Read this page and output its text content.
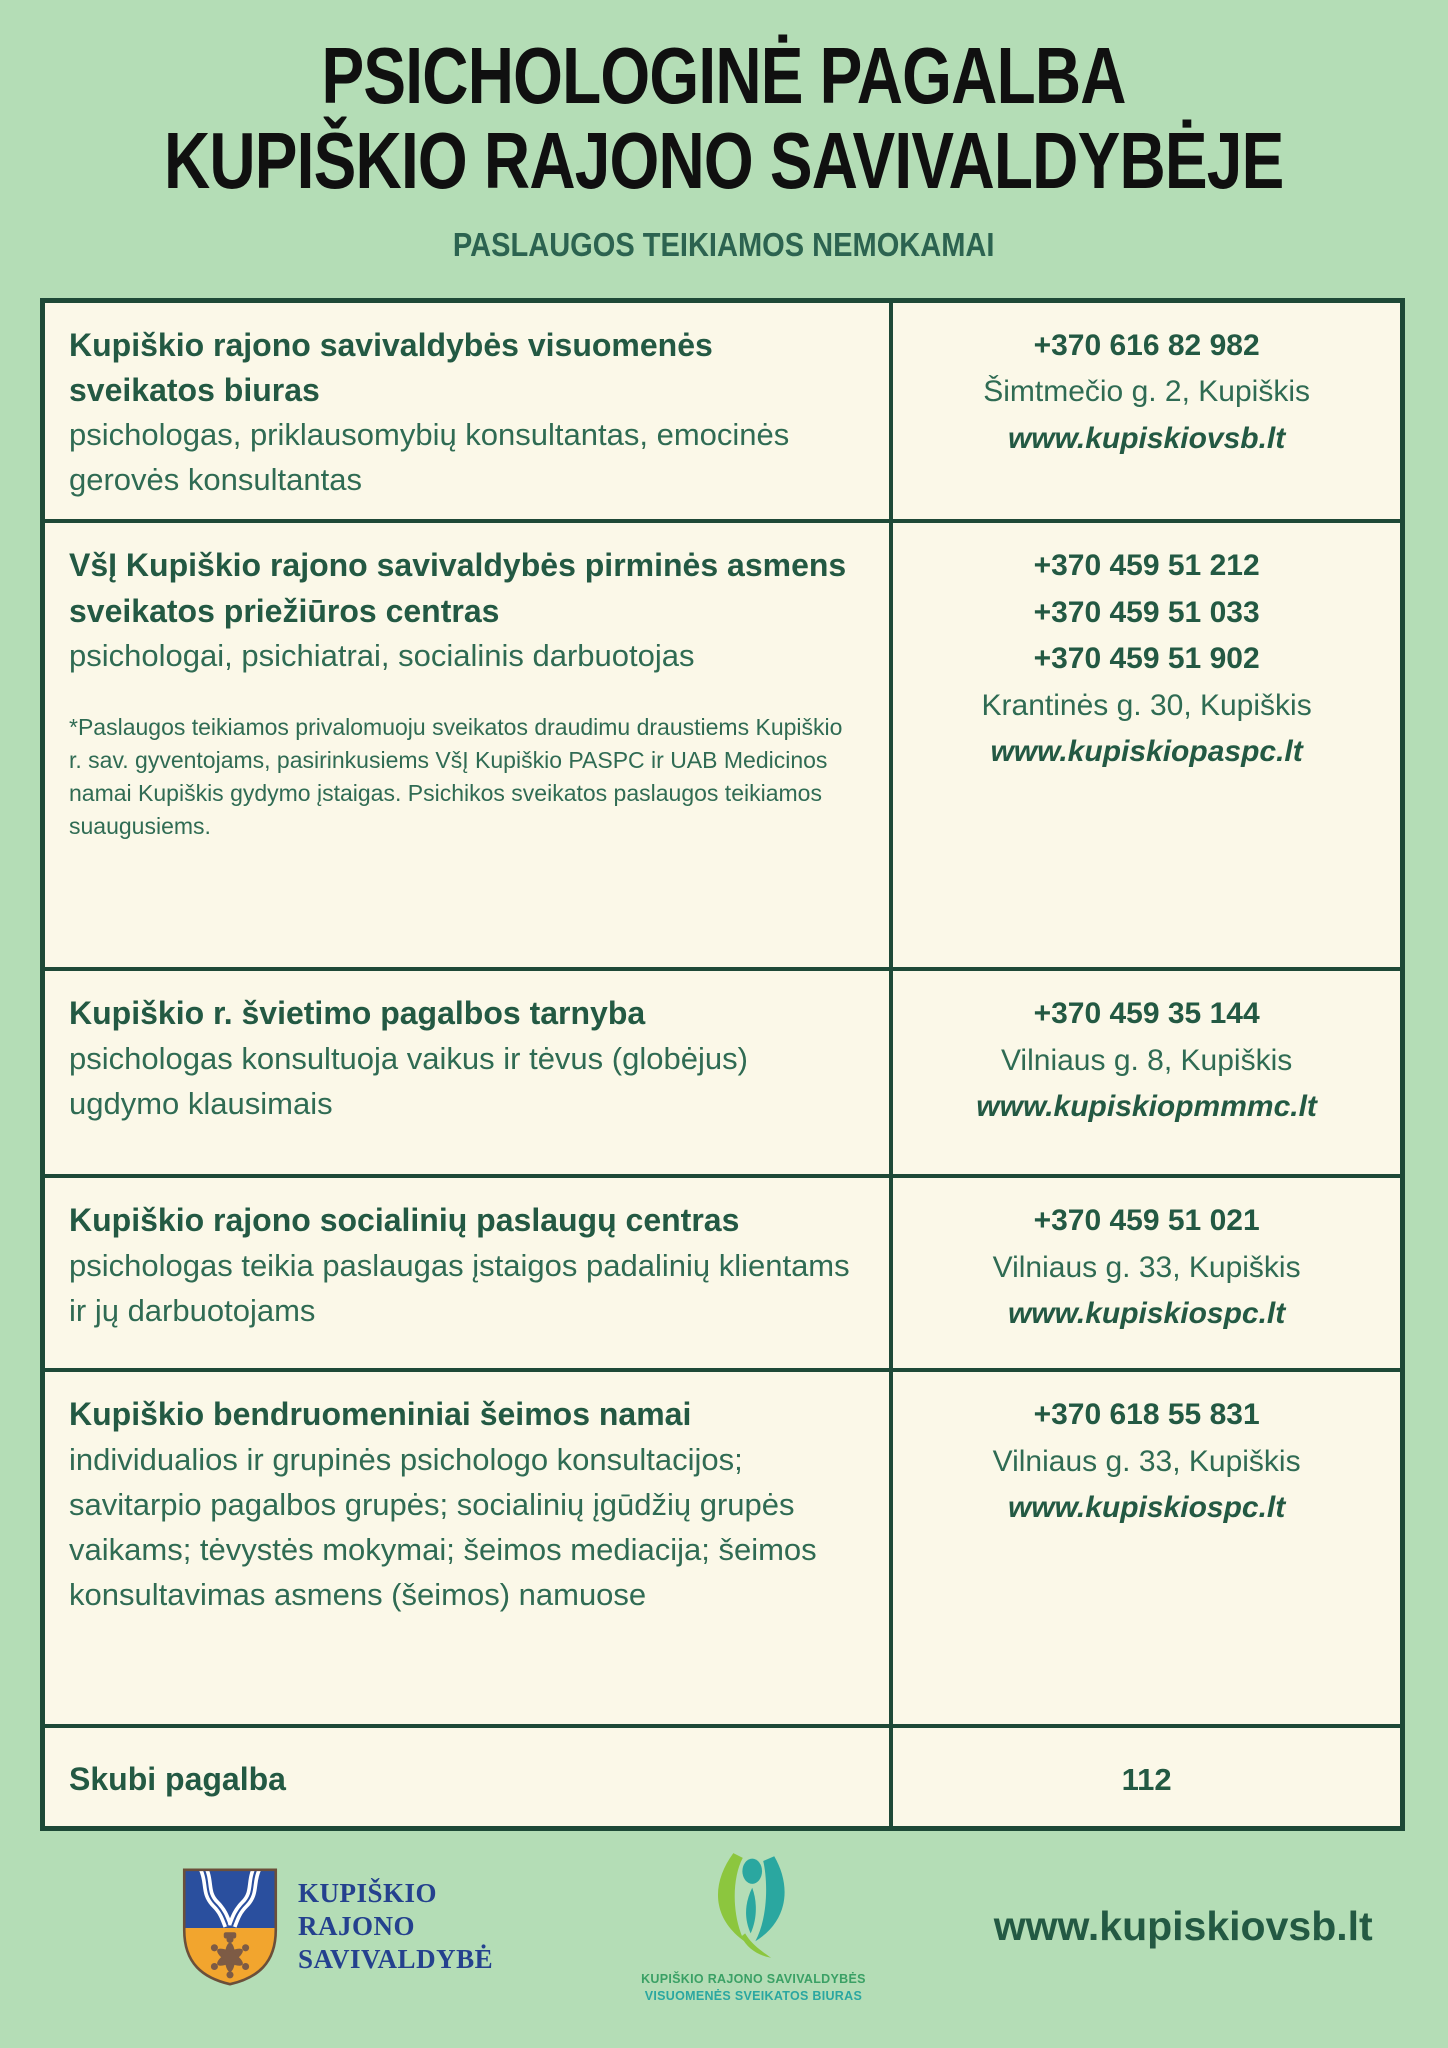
PSICHOLOGINĖ PAGALBA
KUPIŠKIO RAJONO SAVIVALDYBĖJE
PASLAUGOS TEIKIAMOS NEMOKAMAI
Kupiškio rajono savivaldybės visuomenės sveikatos biuras
psichologas, priklausomybių konsultantas, emocinės gerovės konsultantas
+370 616 82 982
Šimtmečio g. 2, Kupiškis
www.kupiskiovsb.lt
VšĮ Kupiškio rajono savivaldybės pirminės asmens sveikatos priežiūros centras
psichologai, psichiatrai, socialinis darbuotojas
*Paslaugos teikiamos privalomuoju sveikatos draudimu draustiems Kupiškio r. sav. gyventojams, pasirinkusiems VšĮ Kupiškio PASPC ir UAB Medicinos namai Kupiškis gydymo įstaigas. Psichikos sveikatos paslaugos teikiamos suaugusiems.
+370 459 51 212
+370 459 51 033
+370 459 51 902
Krantinės g. 30, Kupiškis
www.kupiskiopaspc.lt
Kupiškio r. švietimo pagalbos tarnyba
psichologas konsultuoja vaikus ir tėvus (globėjus) ugdymo klausimais
+370 459 35 144
Vilniaus g. 8, Kupiškis
www.kupiskiopmmmc.lt
Kupiškio rajono socialinių paslaugų centras
psichologas teikia paslaugas įstaigos padalinių klientams ir jų darbuotojams
+370 459 51 021
Vilniaus g. 33, Kupiškis
www.kupiskiospc.lt
Kupiškio bendruomeniniai šeimos namai
individualios ir grupinės psichologo konsultacijos; savitarpio pagalbos grupės; socialinių įgūdžių grupės vaikams; tėvystės mokymai; šeimos mediacija; šeimos konsultavimas asmens (šeimos) namuose
+370 618 55 831
Vilniaus g. 33, Kupiškis
www.kupiskiospc.lt
Skubi pagalba	112
KUPIŠKIO
RAJONO
SAVIVALDYBĖ
KUPIŠKIO RAJONO SAVIVALDYBĖS
VISUOMENĖS SVEIKATOS BIURAS
www.kupiskiovsb.lt
